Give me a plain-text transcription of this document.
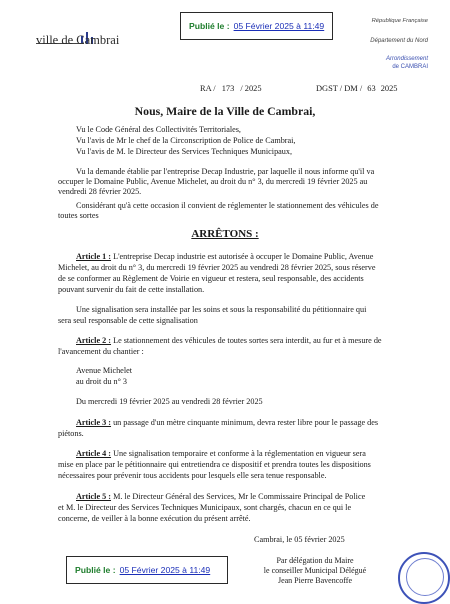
Publié le : 05 Février 2025 à 11:49
ville de Cambrai
République Française
Département du Nord
Arrondissement
de CAMBRAI
RA / 173 / 2025	DGST / DM / 63 2025
Nous, Maire de la Ville de Cambrai,
Vu le Code Général des Collectivités Territoriales,
Vu l'avis de Mr le chef de la Circonscription de Police de Cambrai,
Vu l'avis de M. le Directeur des Services Techniques Municipaux,
Vu la demande établie par l'entreprise Decap Industrie, par laquelle il nous informe qu'il va
occuper le Domaine Public, Avenue Michelet, au droit du n° 3, du mercredi 19 février 2025 au
vendredi 28 février 2025.
Considérant qu'à cette occasion il convient de réglementer le stationnement des véhicules de
toutes sortes
ARRÊTONS :
Article 1 : L'entreprise Decap industrie est autorisée à occuper le Domaine Public, Avenue
Michelet, au droit du n° 3, du mercredi 19 février 2025 au vendredi 28 février 2025, sous réserve
de se conformer au Règlement de Voirie en vigueur et restera, seul responsable, des accidents
pouvant survenir du fait de cette installation.
Une signalisation sera installée par les soins et sous la responsabilité du pétitionnaire qui
sera seul responsable de cette signalisation
Article 2 : Le stationnement des véhicules de toutes sortes sera interdit, au fur et à mesure de
l'avancement du chantier :
Avenue Michelet
au droit du n° 3
Du mercredi 19 février 2025 au vendredi 28 février 2025
Article 3 : un passage d'un mètre cinquante minimum, devra rester libre pour le passage des
piétons.
Article 4 : Une signalisation temporaire et conforme à la réglementation en vigueur sera
mise en place par le pétitionnaire qui entretiendra ce dispositif et prendra toutes les dispositions
nécessaires pour prévenir tous accidents pour lesquels elle sera tenue responsable.
Article 5 : M. le Directeur Général des Services, Mr le Commissaire Principal de Police
et M. le Directeur des Services Techniques Municipaux, sont chargés, chacun en ce qui le
concerne, de veiller à la bonne exécution du présent arrêté.
Cambrai, le 05 février 2025
Par délégation du Maire
le conseiller Municipal Délégué
Jean Pierre Bavencoffe
Publié le : 05 Février 2025 à 11:49
